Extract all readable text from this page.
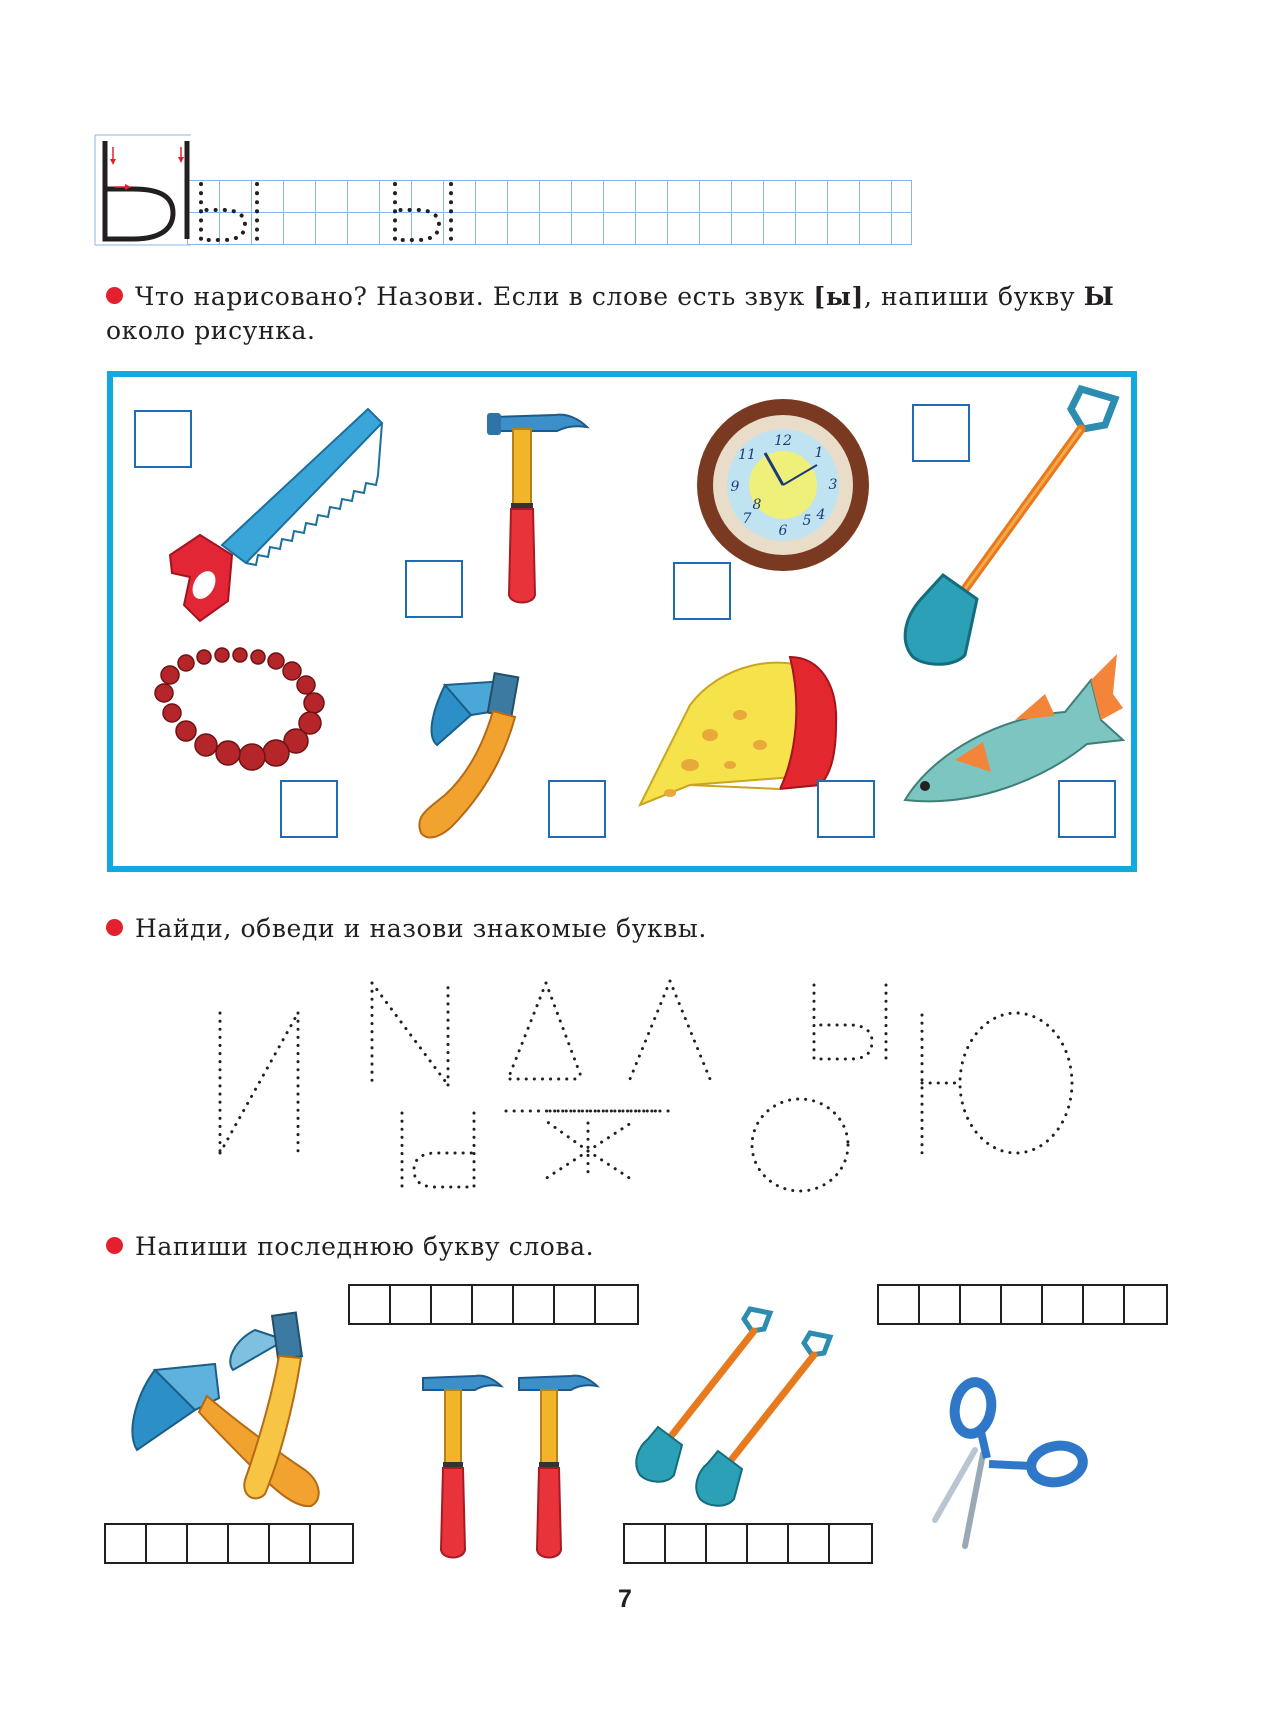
Что нарисовано? Назови. Если в слове есть звук [ы], напиши букву Ы
около рисунка.
12
1
3
4
6
7
9
11
5
8
Найди, обведи и назови знакомые буквы.
Напиши последнюю букву слова.
7
